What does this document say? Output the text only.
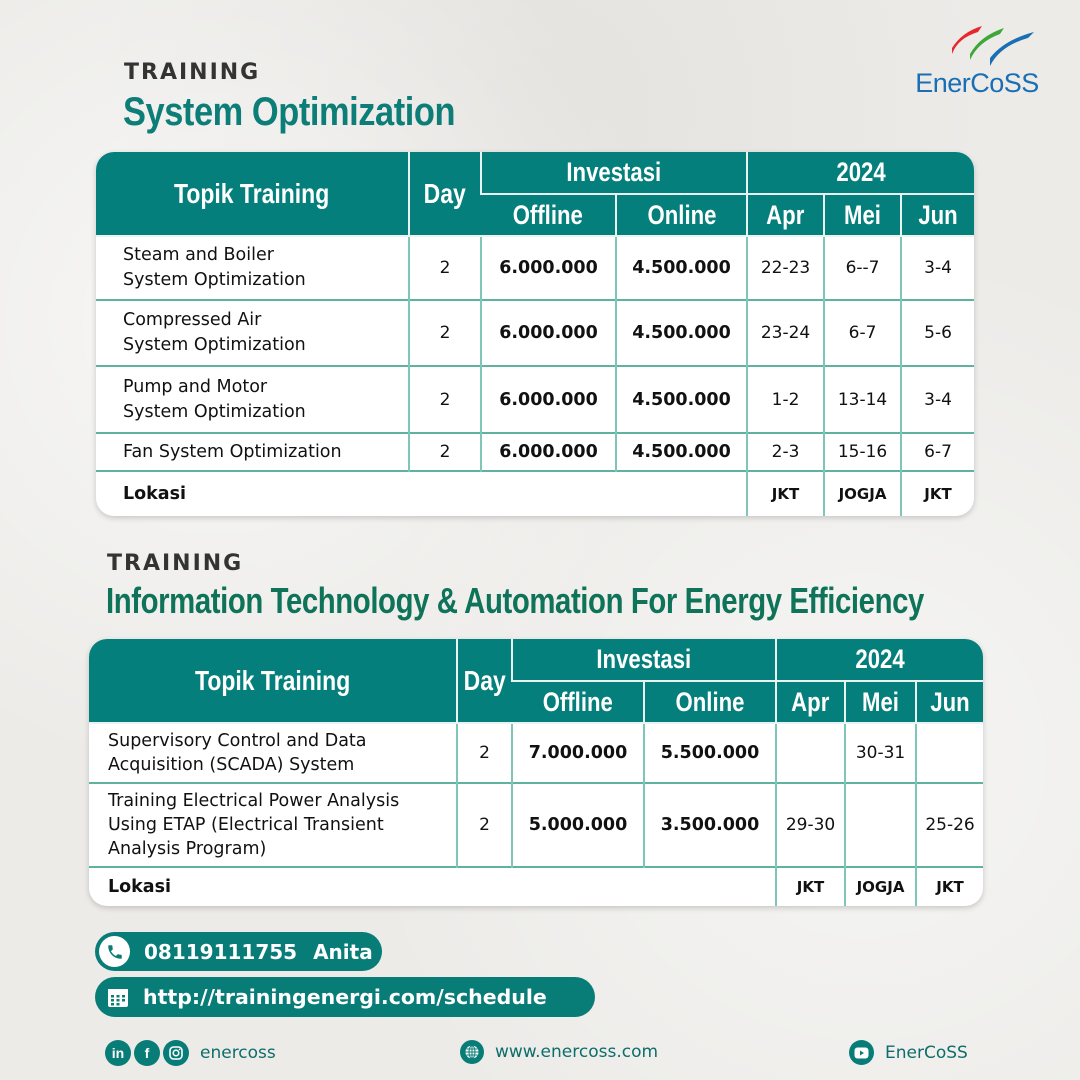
EnerCoSS
TRAINING
System Optimization
Topik Training	Day	Investasi		2024		
		Offline	Online	Apr	Mei	Jun
Steam and Boiler
System Optimization	2	6.000.000	4.500.000	22-23	6--7	3-4
Compressed Air
System Optimization	2	6.000.000	4.500.000	23-24	6-7	5-6
Pump and Motor
System Optimization	2	6.000.000	4.500.000	1-2	13-14	3-4
Fan System Optimization	2	6.000.000	4.500.000	2-3	15-16	6-7
Lokasi				JKT	JOGJA	JKT
TRAINING
Information Technology & Automation For Energy Efficiency
Topik Training	Day	Investasi		2024		
		Offline	Online	Apr	Mei	Jun
Supervisory Control and Data
Acquisition (SCADA) System	2	7.000.000	5.500.000		30-31	
Training Electrical Power Analysis
Using ETAP (Electrical Transient
Analysis Program)	2	5.000.000	3.500.000	29-30		25-26
Lokasi				JKT	JOGJA	JKT
08119111755 Anita
http://trainingenergi.com/schedule
in	f	enercoss	www.enercoss.com	EnerCoSS
